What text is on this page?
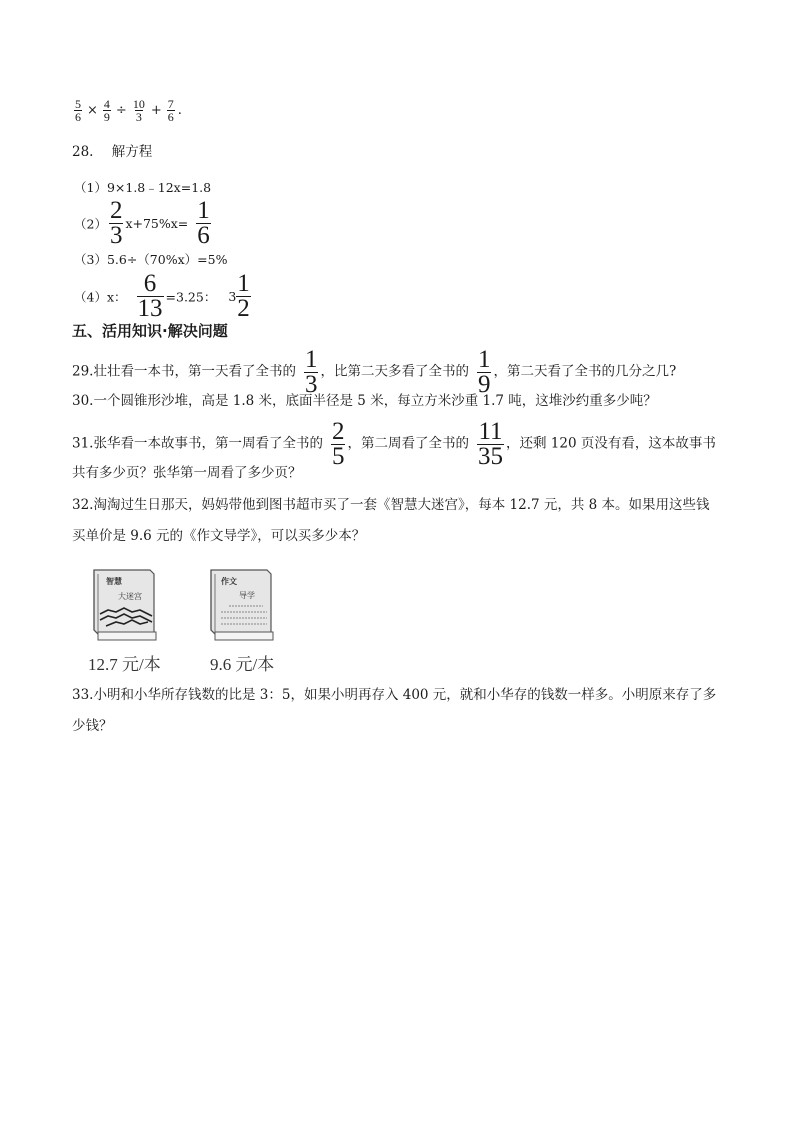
$\frac{5}{6} \times \frac{4}{9} \div \frac{10}{3} + \frac{7}{6}$ .
28. 解方程
（1）9×1.8﹣12x=1.8
$(2) \frac{2}{3} x+75\%x= \frac{1}{6}$
（3）5.6÷（70%x）=5%
（4）x： $\frac{6}{13} =3.25$： $3 \frac{1}{2}$
五、活用知识·解决问题
29.壮壮看一本书，第一天看了全书的 $\frac{1}{3}$ ，比第二天多看了全书的 $\frac{1}{9}$ ，第二天看了全书的几分之几?
30.一个圆锥形沙堆，高是 1.8 米，底面半径是 5 米，每立方米沙重 1.7 吨，这堆沙约重多少吨？
31.张华看一本故事书，第一周看了全书的 $\frac{2}{5}$ ，第二周看了全书的 $\frac{11}{35}$ ，还剩 120 页没有看，这本故事书
共有多少页？张华第一周看了多少页？
32.淘淘过生日那天，妈妈带他到图书超市买了一套《智慧大迷宫》，每本 12.7 元，共 8 本。如果用这些钱
买单价是 9.6 元的《作文导学》，可以买多少本？
智慧
大迷宫
12.7 元/本
作文
导学
9.6 元/本
33.小明和小华所存钱数的比是 3：5，如果小明再存入 400 元，就和小华存的钱数一样多。小明原来存了多
少钱？
